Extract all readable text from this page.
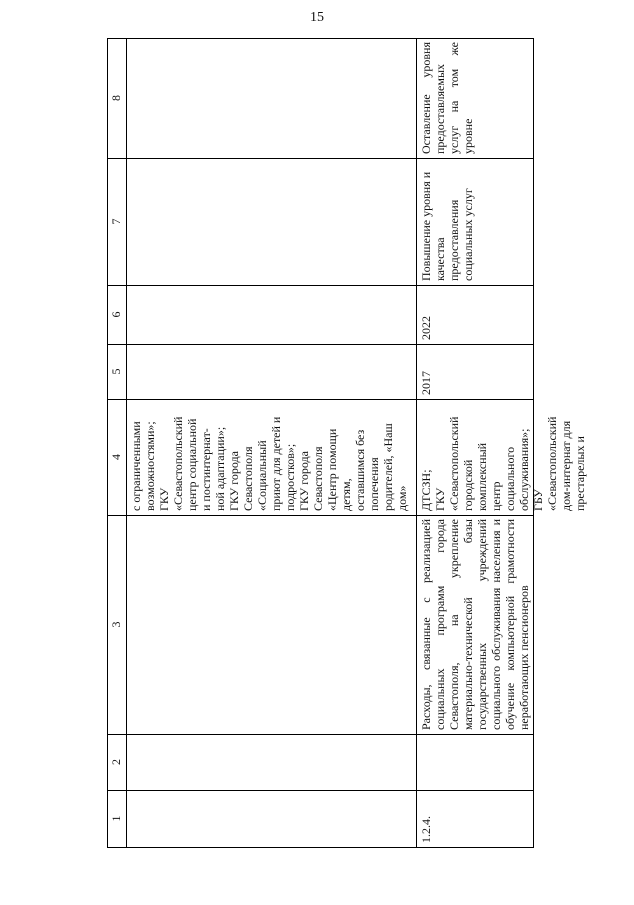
15
8
7
6
5
4
3
2
1
с ограниченными возможностями»; ГКУ «Севастопольский центр социальной и постинтернат- ной адаптации»; ГКУ города Севастополя «Социальный приют для детей и подростков»; ГКУ города Севастополя «Центр помощи детям, оставшимся без попечения родителей, «Наш дом»
1.2.4.
Расходы, связанные с реализацией социальных программ города Севастополя, на укрепление материально-технической базы государственных учреждений социального обслуживания населения и обучение компьютерной грамотности неработающих пенсионеров
ДТСЗН; ГКУ «Севастопольский городской комплексный центр социального обслуживания»; ГБУ «Севастопольский дом-интернат для престарелых и
2017
2022
Повышение уровня и качества предоставления социальных услуг
Оставление уровня предоставляемых услуг на том же уровне
